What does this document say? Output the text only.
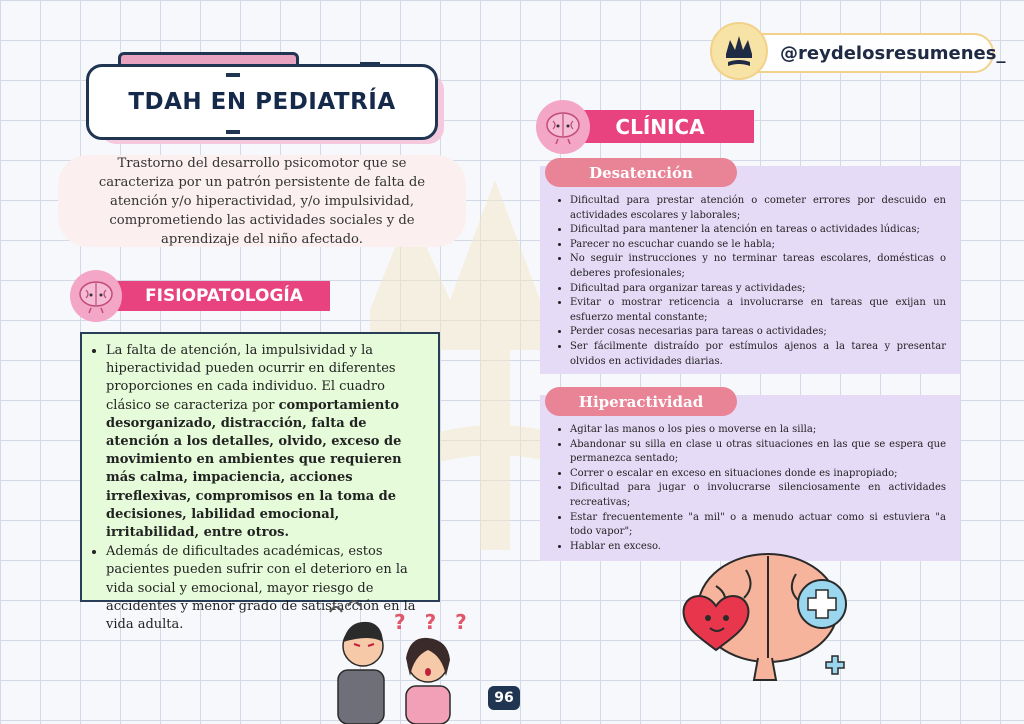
TDAH EN PEDIATRÍA
@reydelosresumenes_
Trastorno del desarrollo psicomotor que se caracteriza por un patrón persistente de falta de atención y/o hiperactividad, y/o impulsividad, comprometiendo las actividades sociales y de aprendizaje del niño afectado.
FISIOPATOLOGÍA
• La falta de atención, la impulsividad y la hiperactividad pueden ocurrir en diferentes proporciones en cada individuo. El cuadro clásico se caracteriza por comportamiento desorganizado, distracción, falta de atención a los detalles, olvido, exceso de movimiento en ambientes que requieren más calma, impaciencia, acciones irreflexivas, compromisos en la toma de decisiones, labilidad emocional, irritabilidad, entre otros.
• Además de dificultades académicas, estos pacientes pueden sufrir con el deterioro en la vida social y emocional, mayor riesgo de accidentes y menor grado de satisfacción en la vida adulta.
CLÍNICA
• Dificultad para prestar atención o cometer errores por descuido en actividades escolares y laborales;
• Dificultad para mantener la atención en tareas o actividades lúdicas;
• Parecer no escuchar cuando se le habla;
• No seguir instrucciones y no terminar tareas escolares, domésticas o deberes profesionales;
• Dificultad para organizar tareas y actividades;
• Evitar o mostrar reticencia a involucrarse en tareas que exijan un esfuerzo mental constante;
• Perder cosas necesarias para tareas o actividades;
• Ser fácilmente distraído por estímulos ajenos a la tarea y presentar olvidos en actividades diarias.
Desatención
• Agitar las manos o los pies o moverse en la silla;
• Abandonar su silla en clase u otras situaciones en las que se espera que permanezca sentado;
• Correr o escalar en exceso en situaciones donde es inapropiado;
• Dificultad para jugar o involucrarse silenciosamente en actividades recreativas;
• Estar frecuentemente "a mil" o a menudo actuar como si estuviera "a todo vapor";
• Hablar en exceso.
Hiperactividad
? ? ?
96
